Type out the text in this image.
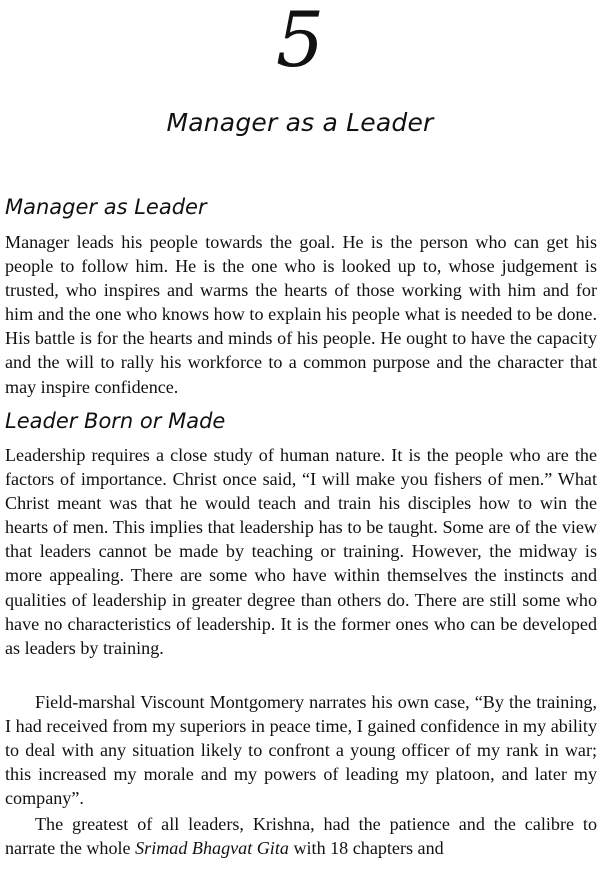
5
Manager as a Leader
Manager as Leader

Manager leads his people towards the goal. He is the person who can get his people to follow him. He is the one who is looked up to, whose judgement is trusted, who inspires and warms the hearts of those working with him and for him and the one who knows how to explain his people what is needed to be done. His battle is for the hearts and minds of his people. He ought to have the capacity and the will to rally his workforce to a common purpose and the character that may inspire confidence.

Leader Born or Made

Leadership requires a close study of human nature. It is the people who are the factors of importance. Christ once said, “I will make you fishers of men.” What Christ meant was that he would teach and train his disciples how to win the hearts of men. This implies that leadership has to be taught. Some are of the view that leaders cannot be made by teaching or training. However, the midway is more appealing. There are some who have within themselves the instincts and qualities of leadership in greater degree than others do. There are still some who have no characteristics of leadership. It is the former ones who can be developed as leaders by training.

Field-marshal Viscount Montgomery narrates his own case, “By the training, I had received from my superiors in peace time, I gained confidence in my ability to deal with any situation likely to confront a young officer of my rank in war; this increased my morale and my powers of leading my platoon, and later my company”.

The greatest of all leaders, Krishna, had the patience and the calibre to narrate the whole Srimad Bhagvat Gita with 18 chapters and
